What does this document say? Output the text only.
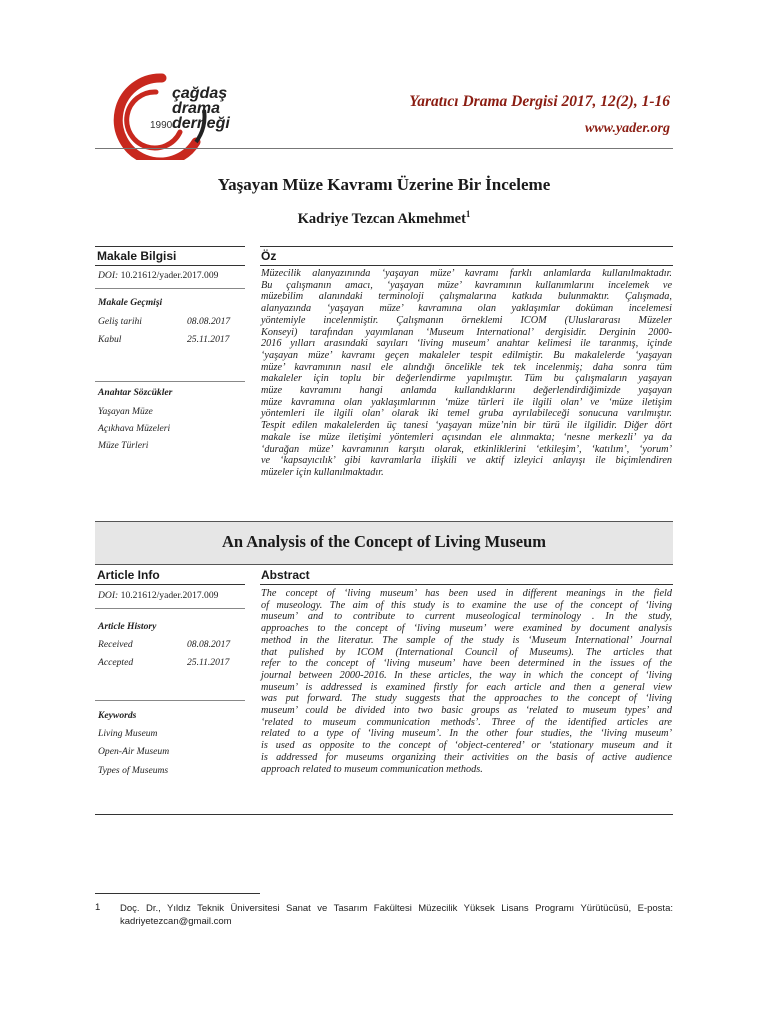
çağdaş
drama
derneği
1990
Yaratıcı Drama Dergisi 2017, 12(2), 1-16
www.yader.org
Yaşayan Müze Kavramı Üzerine Bir İnceleme
Kadriye Tezcan Akmehmet$^1$
Makale Bilgisi	Öz
DOI: 10.21612/yader.2017.009
Makale Geçmişi
Geliş tarihi	08.08.2017
Kabul	25.11.2017
Anahtar Sözcükler
Yaşayan Müze
Açıkhava Müzeleri
Müze Türleri
Müzecilik alanyazınında ‘yaşayan müze’ kavramı farklı anlamlarda kullanılmaktadır.
Bu çalışmanın amacı, ‘yaşayan müze’ kavramının kullanımlarını incelemek ve
müzebilim alanındaki terminoloji çalışmalarına katkıda bulunmaktır. Çalışmada,
alanyazında ‘yaşayan müze’ kavramına olan yaklaşımlar doküman incelemesi
yöntemiyle incelenmiştir. Çalışmanın örneklemi ICOM (Uluslararası Müzeler
Konseyi) tarafından yayımlanan ‘Museum International’ dergisidir. Derginin 2000-
2016 yılları arasındaki sayıları ‘living museum’ anahtar kelimesi ile taranmış, içinde
‘yaşayan müze’ kavramı geçen makaleler tespit edilmiştir. Bu makalelerde ‘yaşayan
müze’ kavramının nasıl ele alındığı öncelikle tek tek incelenmiş; daha sonra tüm
makaleler için toplu bir değerlendirme yapılmıştır. Tüm bu çalışmaların yaşayan
müze kavramını hangi anlamda kullandıklarını değerlendirdiğimizde yaşayan
müze kavramına olan yaklaşımlarının ‘müze türleri ile ilgili olan’ ve ‘müze iletişim
yöntemleri ile ilgili olan’ olarak iki temel gruba ayrılabileceği sonucuna varılmıştır.
Tespit edilen makalelerden üç tanesi ‘yaşayan müze’nin bir türü ile ilgilidir. Diğer dört
makale ise müze iletişimi yöntemleri açısından ele alınmakta; ‘nesne merkezli’ ya da
‘durağan müze’ kavramının karşıtı olarak, etkinliklerini ‘etkileşim’, ‘katılım’, ‘yorum’
ve ‘kapsayıcılık’ gibi kavramlarla ilişkili ve aktif izleyici anlayışı ile biçimlendiren
müzeler için kullanılmaktadır.
An Analysis of the Concept of Living Museum
Article Info	Abstract
DOI: 10.21612/yader.2017.009
Article History
Received	08.08.2017
Accepted	25.11.2017
Keywords
Living Museum
Open-Air Museum
Types of Museums
The concept of ‘living museum’ has been used in different meanings in the field
of museology. The aim of this study is to examine the use of the concept of ‘living
museum’ and to contribute to current museological terminology . In the study,
approaches to the concept of ‘living museum’ were examined by document analysis
method in the literatur. The sample of the study is ‘Museum International’ Journal
that pulished by ICOM (International Council of Museums). The articles that
refer to the concept of ‘living museum’ have been determined in the issues of the
journal between 2000-2016. In these articles, the way in which the concept of ‘living
museum’ is addressed is examined firstly for each article and then a general view
was put forward. The study suggests that the approaches to the concept of ‘living
museum’ could be divided into two basic groups as ‘related to museum types’ and
‘related to museum communication methods’. Three of the identified articles are
related to a type of ‘living museum’. In the other four studies, the ‘living museum’
is used as opposite to the concept of ‘object-centered’ or ‘stationary museum and it
is addressed for museums organizing their activities on the basis of active audience
approach related to museum communication methods.
1 Doç. Dr., Yıldız Teknik Üniversitesi Sanat ve Tasarım Fakültesi Müzecilik Yüksek Lisans Programı Yürütücüsü, E-posta: kadriyetezcan@gmail.com
